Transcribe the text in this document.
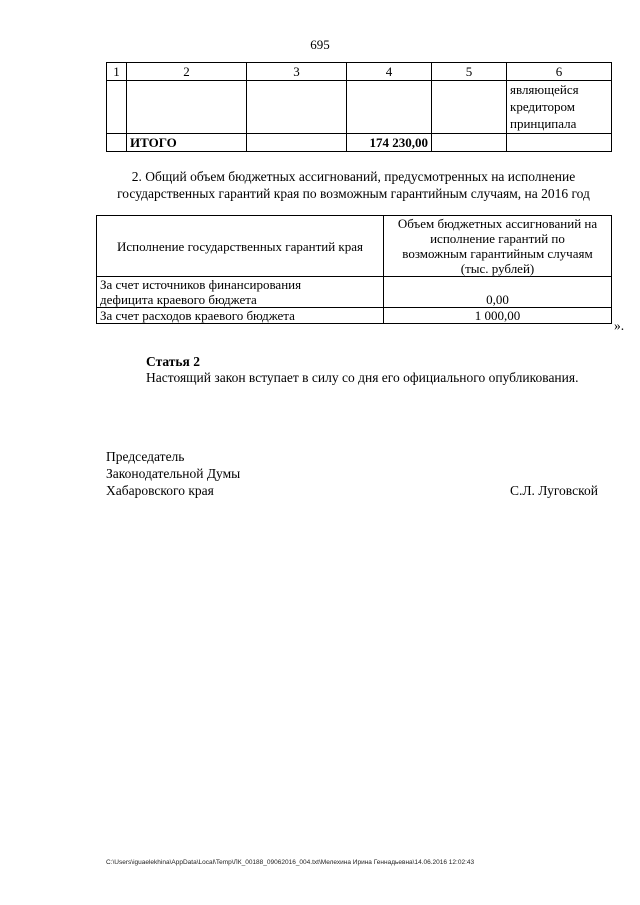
695
1	2	3	4	5	6

					являющейся
кредитором
принципала

	ИТОГО		174 230,00		
2. Общий объем бюджетных ассигнований, предусмотренных на исполнение
государственных гарантий края по возможным гарантийным случаям, на 2016 год
Исполнение государственных гарантий края	Объем бюджетных ассигнований на
исполнение гарантий по
возможным гарантийным случаям
(тыс. рублей)

За счет источников финансирования
дефицита краевого бюджета	0,00
За счет расходов краевого бюджета	1 000,00
».
Статья 2
Настоящий закон вступает в силу со дня его официального опубликования.
Председатель
Законодательной Думы
Хабаровского края	С.Л. Луговской
C:\Users\iguaelekhina\AppData\Local\Temp\ЛК_00188_09062016_004.txt\Мелехина Ирина Геннадьевна\14.06.2016 12:02:43
